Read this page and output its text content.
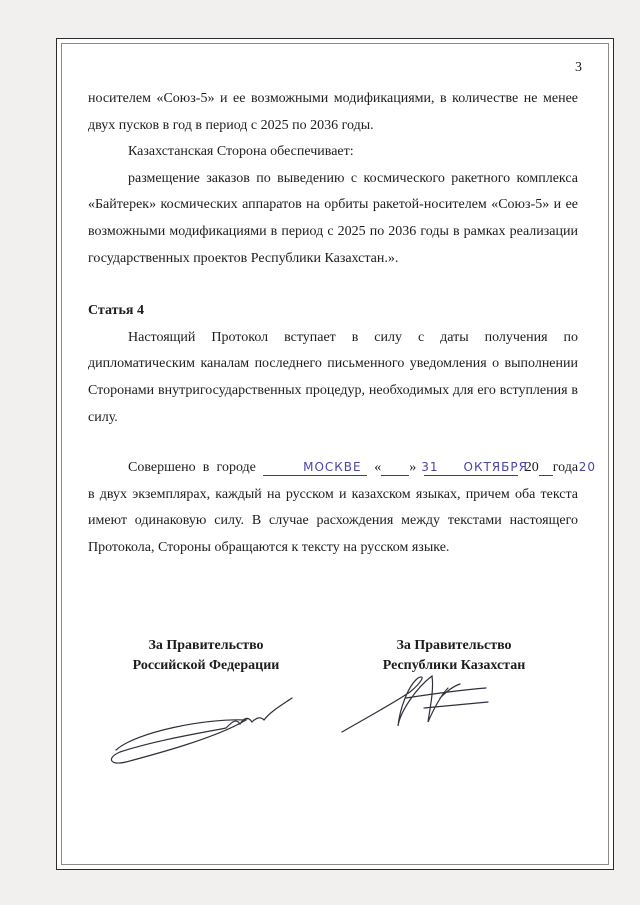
3

носителем «Союз-5» и ее возможными модификациями, в количестве не менее двух пусков в год в период с 2025 по 2036 годы.

Казахстанская Сторона обеспечивает:

размещение заказов по выведению с космического ракетного комплекса «Байтерек» космических аппаратов на орбиты ракетой-носителем «Союз-5» и ее возможными модификациями в период с 2025 по 2036 годы в рамках реализации государственных проектов Республики Казахстан.».

Статья 4

Настоящий Протокол вступает в силу с даты получения по дипломатическим каналам последнего письменного уведомления о выполнении Сторонами внутригосударственных процедур, необходимых для его вступления в силу.

Совершено в городе	МОСКВЕ «	31»	ОКТЯБРЯ 20	20года

в двух экземплярах, каждый на русском и казахском языках, причем оба текста имеют одинаковую силу. В случае расхождения между текстами настоящего Протокола, Стороны обращаются к тексту на русском языке.

За Правительство
Российской Федерации
За Правительство
Республики Казахстан
